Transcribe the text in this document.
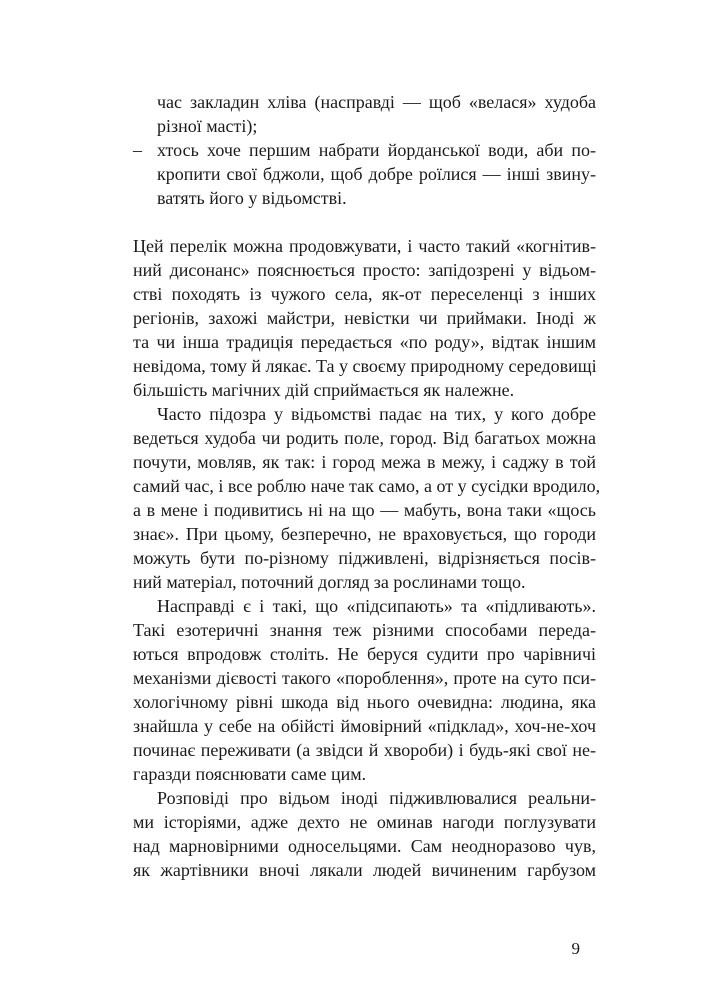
час закладин хліва (насправді — щоб «велася» худоба
різної масті);
– хтось хоче першим набрати йорданської води, аби по-
кропити свої бджоли, щоб добре роїлися — інші звину-
ватять його у відьомстві.
Цей перелік можна продовжувати, і часто такий «когнітив-
ний дисонанс» пояснюється просто: запідозрені у відьом-
стві походять із чужого села, як-от переселенці з інших
регіонів, захожі майстри, невістки чи приймаки. Іноді ж
та чи інша традиція передається «по роду», відтак іншим
невідома, тому й лякає. Та у своєму природному середовищі
більшість магічних дій сприймається як належне.
Часто підозра у відьомстві падає на тих, у кого добре
ведеться худоба чи родить поле, город. Від багатьох можна
почути, мовляв, як так: і город межа в межу, і саджу в той
самий час, і все роблю наче так само, а от у сусідки вродило,
а в мене і подивитись ні на що — мабуть, вона таки «щось
знає». При цьому, безперечно, не враховується, що городи
можуть бути по-різному підживлені, відрізняється посів-
ний матеріал, поточний догляд за рослинами тощо.
Насправді є і такі, що «підсипають» та «підливають».
Такі езотеричні знання теж різними способами переда-
ються впродовж століть. Не беруся судити про чарівничі
механізми дієвості такого «пороблення», проте на суто пси-
хологічному рівні шкода від нього очевидна: людина, яка
знайшла у себе на обійсті ймовірний «підклад», хоч-не-хоч
починає переживати (а звідси й хвороби) і будь-які свої не-
гаразди пояснювати саме цим.
Розповіді про відьом іноді підживлювалися реальни-
ми історіями, адже дехто не оминав нагоди поглузувати
над марновірними односельцями. Сам неодноразово чув,
як жартівники вночі лякали людей вичиненим гарбузом
9
